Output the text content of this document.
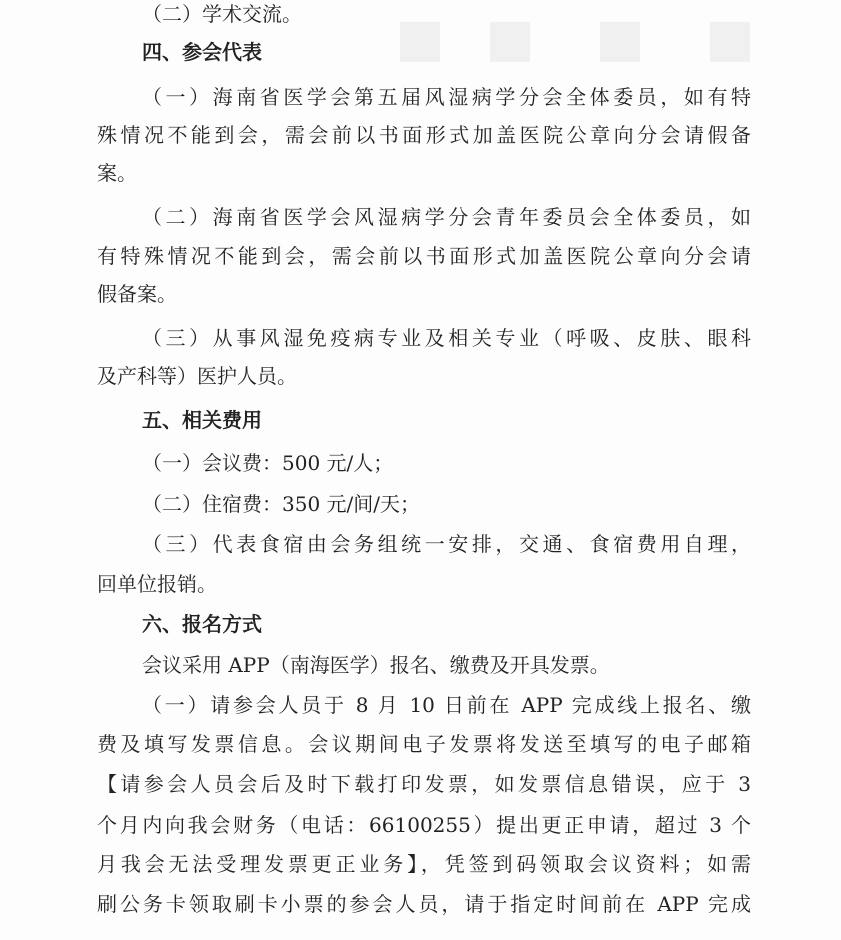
（二）学术交流。
四、参会代表
（一）海南省医学会第五届风湿病学分会全体委员，如有特
殊情况不能到会，需会前以书面形式加盖医院公章向分会请假备
案。
（二）海南省医学会风湿病学分会青年委员会全体委员，如
有特殊情况不能到会，需会前以书面形式加盖医院公章向分会请
假备案。
（三）从事风湿免疫病专业及相关专业（呼吸、皮肤、眼科
及产科等）医护人员。
五、相关费用
（一）会议费：500 元/人；
（二）住宿费：350 元/间/天；
（三）代表食宿由会务组统一安排，交通、食宿费用自理，
回单位报销。
六、报名方式
会议采用 APP（南海医学）报名、缴费及开具发票。
（一）请参会人员于 8 月 10 日前在 APP 完成线上报名、缴
费及填写发票信息。会议期间电子发票将发送至填写的电子邮箱
【请参会人员会后及时下载打印发票，如发票信息错误，应于 3
个月内向我会财务（电话：66100255）提出更正申请，超过 3 个
月我会无法受理发票更正业务】，凭签到码领取会议资料；如需
刷公务卡领取刷卡小票的参会人员，请于指定时间前在 APP 完成
